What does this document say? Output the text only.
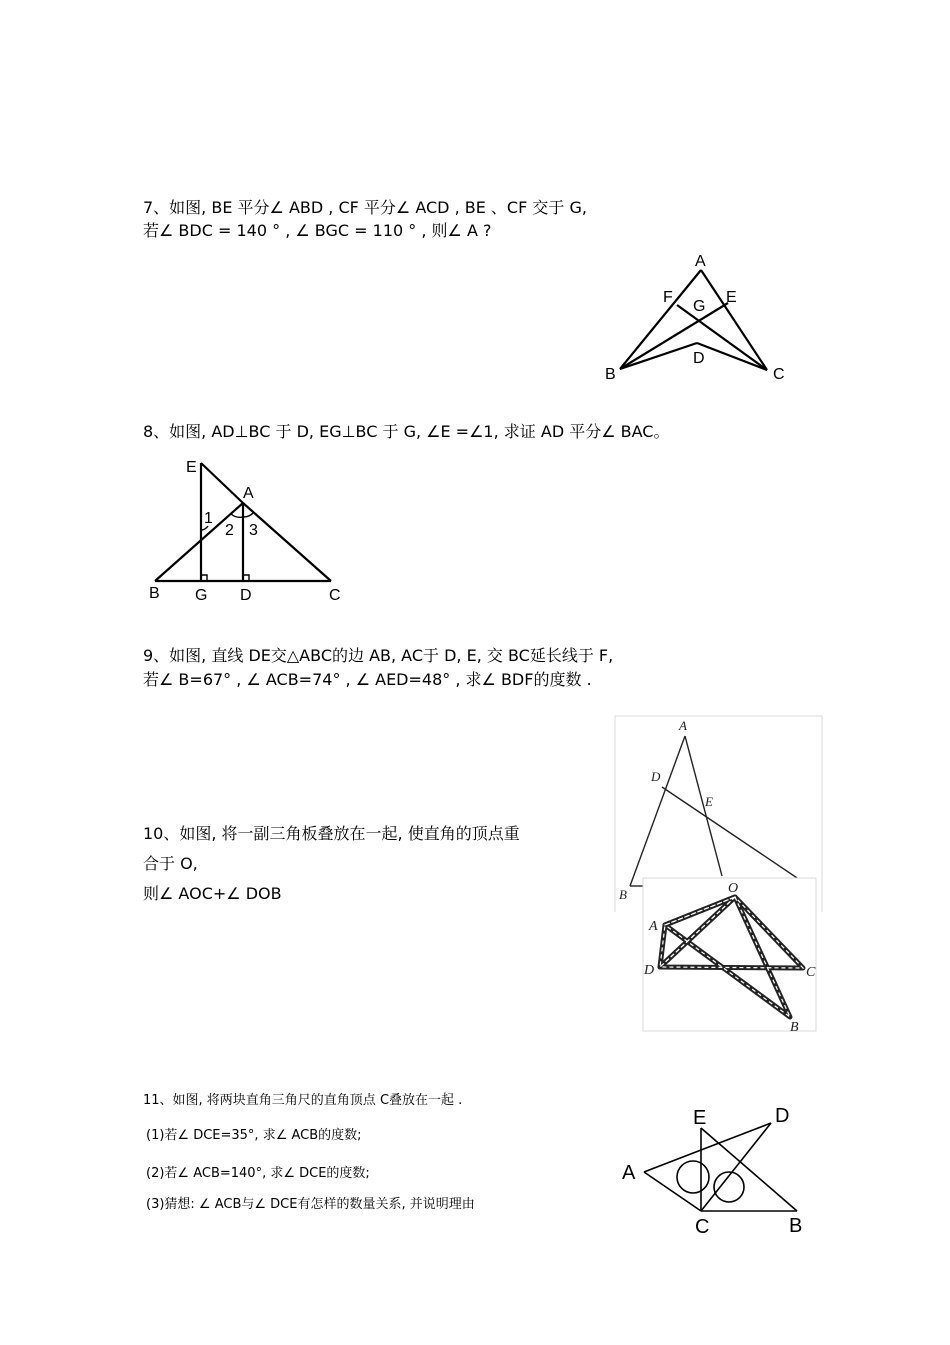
7、如图, BE 平分∠ ABD , CF 平分∠ ACD , BE 、CF 交于 G,
若∠ BDC = 140 ° , ∠ BGC = 110 ° , 则∠ A ?
A
F
G
E
D
B	C
8、如图, AD⊥BC 于 D, EG⊥BC 于 G, ∠E =∠1, 求证 AD 平分∠ BAC。
E
A
1
2 3
B G D	C
9、如图, 直线 DE交△ABC的边 AB, AC于 D, E, 交 BC延长线于 F,
若∠ B=67° , ∠ ACB=74° , ∠ AED=48° , 求∠ BDF的度数 .
A
D
E
B
10、如图, 将一副三角板叠放在一起, 使直角的顶点重
合于 O,
则∠ AOC+∠ DOB	O
A
D	C
B
11、如图, 将两块直角三角尺的直角顶点 C叠放在一起 .
(1)若∠ DCE=35°, 求∠ ACB的度数;
(2)若∠ ACB=140°, 求∠ DCE的度数;
(3)猜想: ∠ ACB与∠ DCE有怎样的数量关系, 并说明理由
E	D
A
C	B
